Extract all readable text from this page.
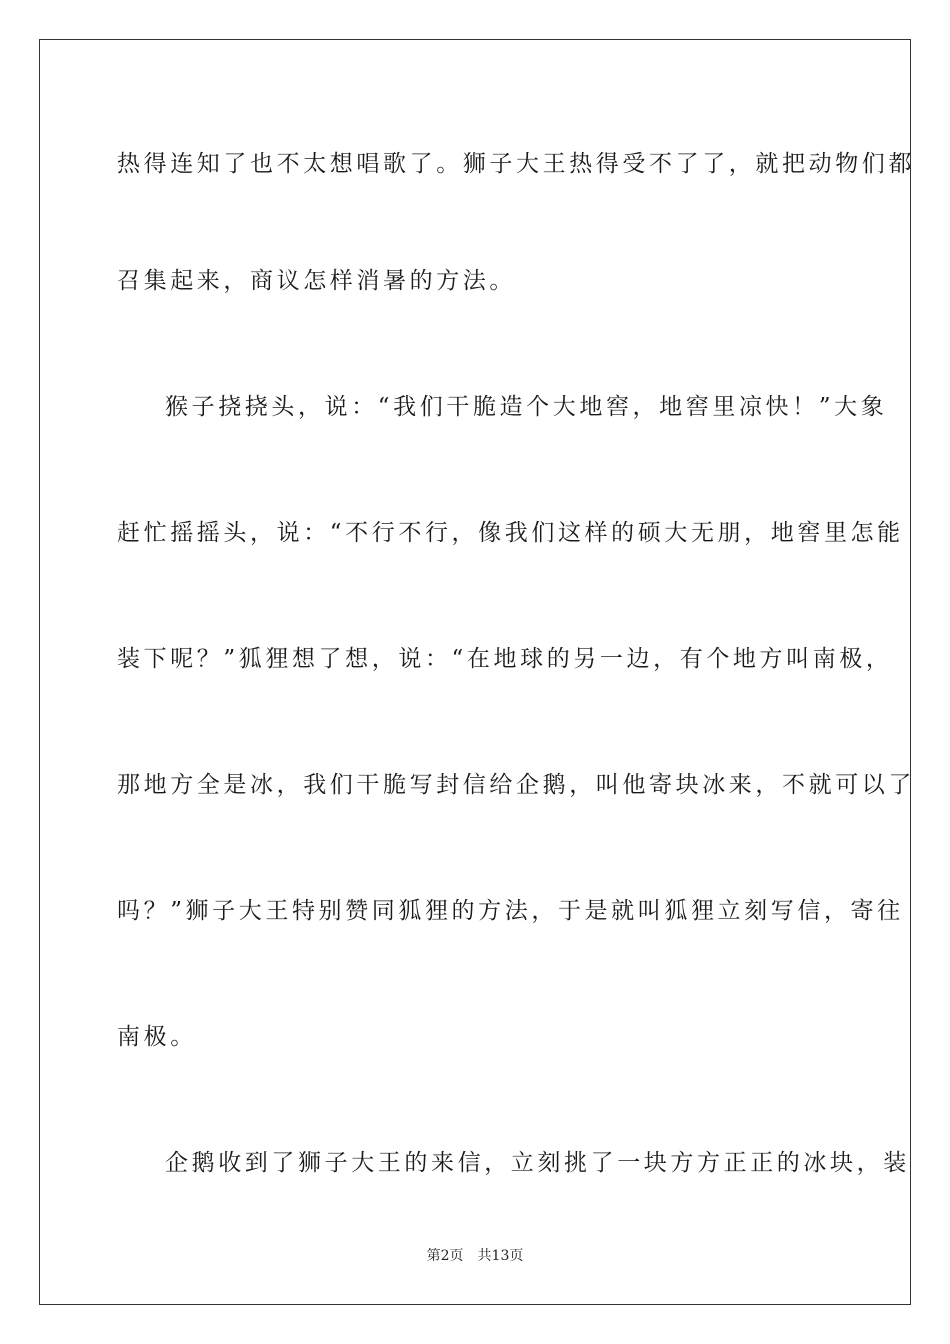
热得连知了也不太想唱歌了。狮子大王热得受不了了，就把动物们都
召集起来，商议怎样消暑的方法。
猴子挠挠头，说：“我们干脆造个大地窖，地窖里凉快！”大象
赶忙摇摇头，说：“不行不行，像我们这样的硕大无朋，地窖里怎能
装下呢？”狐狸想了想，说：“在地球的另一边，有个地方叫南极，
那地方全是冰，我们干脆写封信给企鹅，叫他寄块冰来，不就可以了
吗？”狮子大王特别赞同狐狸的方法，于是就叫狐狸立刻写信，寄往
南极。
企鹅收到了狮子大王的来信，立刻挑了一块方方正正的冰块，装
第2页 共13页
